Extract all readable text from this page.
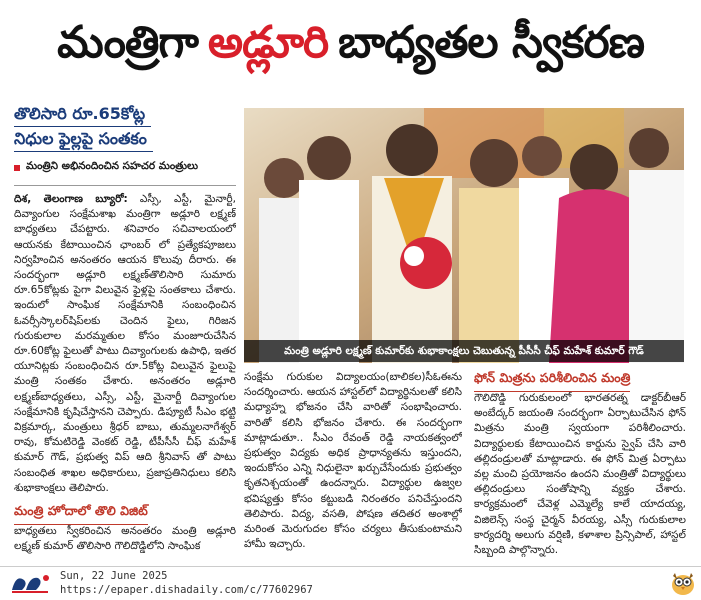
మంత్రిగా అడ్లూరి బాధ్యతల స్వీకరణ
తొలిసారి రూ.65కోట్ల
నిధుల ఫైల్లపై సంతకం
మంత్రిని అభినందించిన సహచర మంత్రులు

దిశ, తెలంగాణ బ్యూరో: ఎస్సీ, ఎస్టీ, మైనార్టీ, దివ్యాంగుల సంక్షేమశాఖ మంత్రిగా అడ్లూరి లక్ష్మణ్ బాధ్యతలు చేపట్టారు. శనివారం సచివాలయంలో ఆయనకు కేటాయించిన ఛాంబర్ లో ప్రత్యేకపూజలు నిర్వహించిన అనంతరం ఆయన కొలువు దీరారు. ఈ సందర్భంగా అడ్లూరి లక్ష్మణ్‌తొలిసారి సుమారు రూ.65కోట్లకు పైగా విలువైన ఫైళ్లపై సంతకాలు చేశారు. ఇందులో సాంఘిక సంక్షేమానికి సంబంధించిన ఓవర్సీస్కాలర్‌షిప్‌లకు చెందిన ఫైలు, గిరిజన గురుకులాల మరమ్మతుల కోసం మంజూరుచేసిన రూ.60కోట్ల ఫైలుతో పాటు దివ్యాంగులకు ఉపాధి, ఇతర యూనిట్లకు సంబంధించిన రూ.5కోట్ల విలువైన ఫైలుపై మంత్రి సంతకం చేశారు. అనంతరం అడ్లూరి లక్ష్మణ్‌బాధ్యతలు, ఎస్సీ, ఎస్టీ, మైనార్టీ దివ్యాంగుల సంక్షేమానికి కృషిచేస్తానని చెప్పారు. డిప్యూటీ సీఎం భట్టి విక్రమార్క, మంత్రులు శ్రీధర్ బాబు, తుమ్మలనాగేశ్వర్ రావు, కోమటిరెడ్డి వెంకట్ రెడ్డి, టీపీసీసీ చీఫ్ మహేశ్ కుమార్ గౌడ్, ప్రభుత్వ విప్ ఆది శ్రీనివాస్ తో పాటు సంబంధిత శాఖల అధికారులు, ప్రజాప్రతినిధులు కలిసి శుభాకాంక్షలు తెలిపారు.

మంత్రి హోదాలో తొలి విజిట్

బాధ్యతలు స్వీకరించిన అనంతరం మంత్రి అడ్లూరి లక్ష్మణ్ కుమార్ తొలిసారి గౌలిదొడ్డిలోని సాంఘిక

మంత్రి అడ్లూరి లక్ష్మణ్ కుమార్‌కు శుభాకాంక్షలు చెబుతున్న పీసీసీ చీఫ్ మహేశ్ కుమార్ గౌడ్

సంక్షేమ గురుకుల విద్యాలయం(బాలికల)సీఓఈను సందర్శించారు. ఆయన హాస్టల్‌లో విద్యార్థినులతో కలిసి మధ్యాహ్న భోజనం చేసి వారితో సంభాషించారు. వారితో కలిసి భోజనం చేశారు. ఈ సందర్భంగా మాట్లాడుతూ.. సీఎం రేవంత్ రెడ్డి నాయకత్వంలో ప్రభుత్వం విద్యకు అధిక ప్రాధాన్యతను ఇస్తుందని, ఇందుకోసం ఎన్ని నిధులైనా ఖర్చుచేసేందుకు ప్రభుత్వం కృతనిశ్చయంతో ఉందన్నారు. విద్యార్థుల ఉజ్వల భవిష్యత్తు కోసం కట్టుబడి నిరంతరం పనిచేస్తుందని తెలిపారు. విద్య, వసతి, పోషణ తదితర అంశాల్లో మరింత మెరుగుదల కోసం చర్యలు తీసుకుంటామని హామీ ఇచ్చారు.

ఫోన్ మిత్రను పరిశీలించిన మంత్రి

గౌలిదొడ్డి గురుకులంలో భారతరత్న డాక్టర్‌బీఆర్ అంబేద్కర్ జయంతి సందర్భంగా ఏర్పాటుచేసిన ఫోన్ మిత్రను మంత్రి స్వయంగా పరిశీలించారు. విద్యార్థులకు కేటాయించిన కార్డును స్వైప్ చేసి వారి తల్లిదండ్రులతో మాట్లాడారు. ఈ ఫోన్ మిత్ర ఏర్పాటు వల్ల మంచి ప్రయోజనం ఉందని మంత్రితో విద్యార్థులు తల్లిదండ్రులు సంతోషాన్ని వ్యక్తం చేశారు. కార్యక్రమంలో చేవెళ్ల ఎమ్మెల్యే కాలే యాదయ్య, విజిలెన్స్ సంస్థ చైర్మన్ వీరయ్య, ఎస్సీ గురుకులాల కార్యదర్శి అలుగు వర్షిణి, కళాశాల ప్రిన్సిపాల్, హాస్టల్ సిబ్బంది పాల్గొన్నారు.

Sun, 22 June 2025
https://epaper.dishadaily.com/c/77602967
